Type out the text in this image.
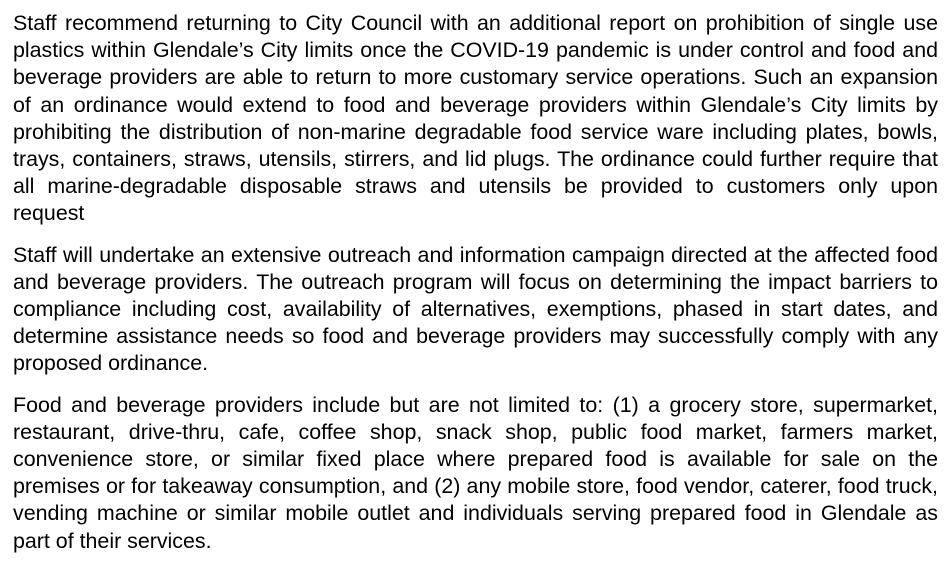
Staff recommend returning to City Council with an additional report on prohibition of single use plastics within Glendale’s City limits once the COVID-19 pandemic is under control and food and beverage providers are able to return to more customary service operations. Such an expansion of an ordinance would extend to food and beverage providers within Glendale’s City limits by prohibiting the distribution of non-marine degradable food service ware including plates, bowls, trays, containers, straws, utensils, stirrers, and lid plugs. The ordinance could further require that all marine-degradable disposable straws and utensils be provided to customers only upon request

Staff will undertake an extensive outreach and information campaign directed at the affected food and beverage providers. The outreach program will focus on determining the impact barriers to compliance including cost, availability of alternatives, exemptions, phased in start dates, and determine assistance needs so food and beverage providers may successfully comply with any proposed ordinance.

Food and beverage providers include but are not limited to: (1) a grocery store, supermarket, restaurant, drive-thru, cafe, coffee shop, snack shop, public food market, farmers market, convenience store, or similar fixed place where prepared food is available for sale on the premises or for takeaway consumption, and (2) any mobile store, food vendor, caterer, food truck, vending machine or similar mobile outlet and individuals serving prepared food in Glendale as part of their services.
